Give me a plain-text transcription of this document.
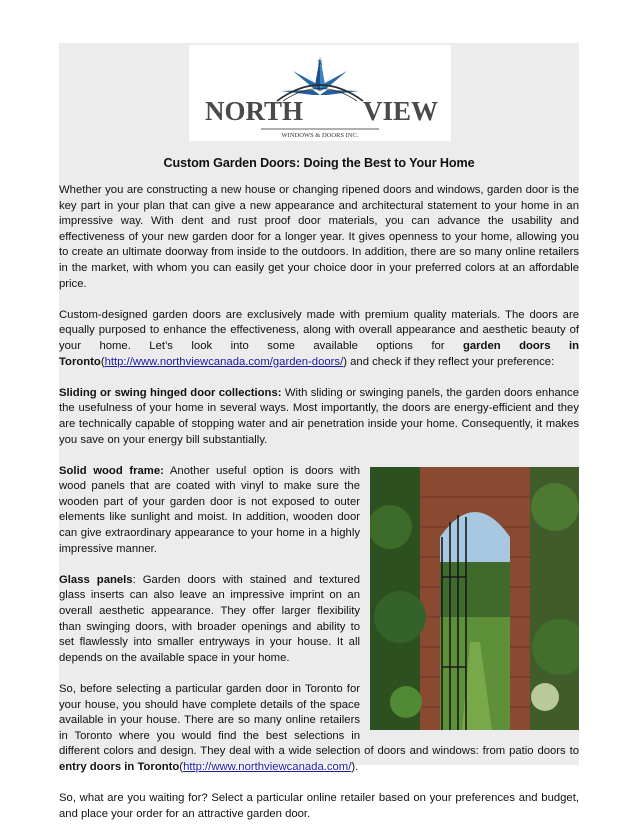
N
NORTH VIEW
WINDOWS & DOORS INC.
Custom Garden Doors: Doing the Best to Your Home

Whether you are constructing a new house or changing ripened doors and windows, garden door is the key part in your plan that can give a new appearance and architectural statement to your home in an impressive way. With dent and rust proof door materials, you can advance the usability and effectiveness of your new garden door for a longer year. It gives openness to your home, allowing you to create an ultimate doorway from inside to the outdoors. In addition, there are so many online retailers in the market, with whom you can easily get your choice door in your preferred colors at an affordable price.

Custom-designed garden doors are exclusively made with premium quality materials. The doors are equally purposed to enhance the effectiveness, along with overall appearance and aesthetic beauty of your home. Let’s look into some available options for garden doors in Toronto(http://www.northviewcanada.com/garden-doors/) and check if they reflect your preference:

Sliding or swing hinged door collections: With sliding or swinging panels, the garden doors enhance the usefulness of your home in several ways. Most importantly, the doors are energy-efficient and they are technically capable of stopping water and air penetration inside your home. Consequently, it makes you save on your energy bill substantially.

Solid wood frame: Another useful option is doors with wood panels that are coated with vinyl to make sure the wooden part of your garden door is not exposed to outer elements like sunlight and moist. In addition, wooden door can give extraordinary appearance to your home in a highly impressive manner.

Glass panels: Garden doors with stained and textured glass inserts can also leave an impressive imprint on an overall aesthetic appearance. They offer larger flexibility than swinging doors, with broader openings and ability to set flawlessly into smaller entryways in your house. It all depends on the available space in your home.

So, before selecting a particular garden door in Toronto for your house, you should have complete details of the space available in your house. There are so many online retailers in Toronto where you would find the best selections in different colors and design. They deal with a wide selection of doors and windows: from patio doors to entry doors in Toronto(http://www.northviewcanada.com/).

So, what are you waiting for? Select a particular online retailer based on your preferences and budget, and place your order for an attractive garden door.
